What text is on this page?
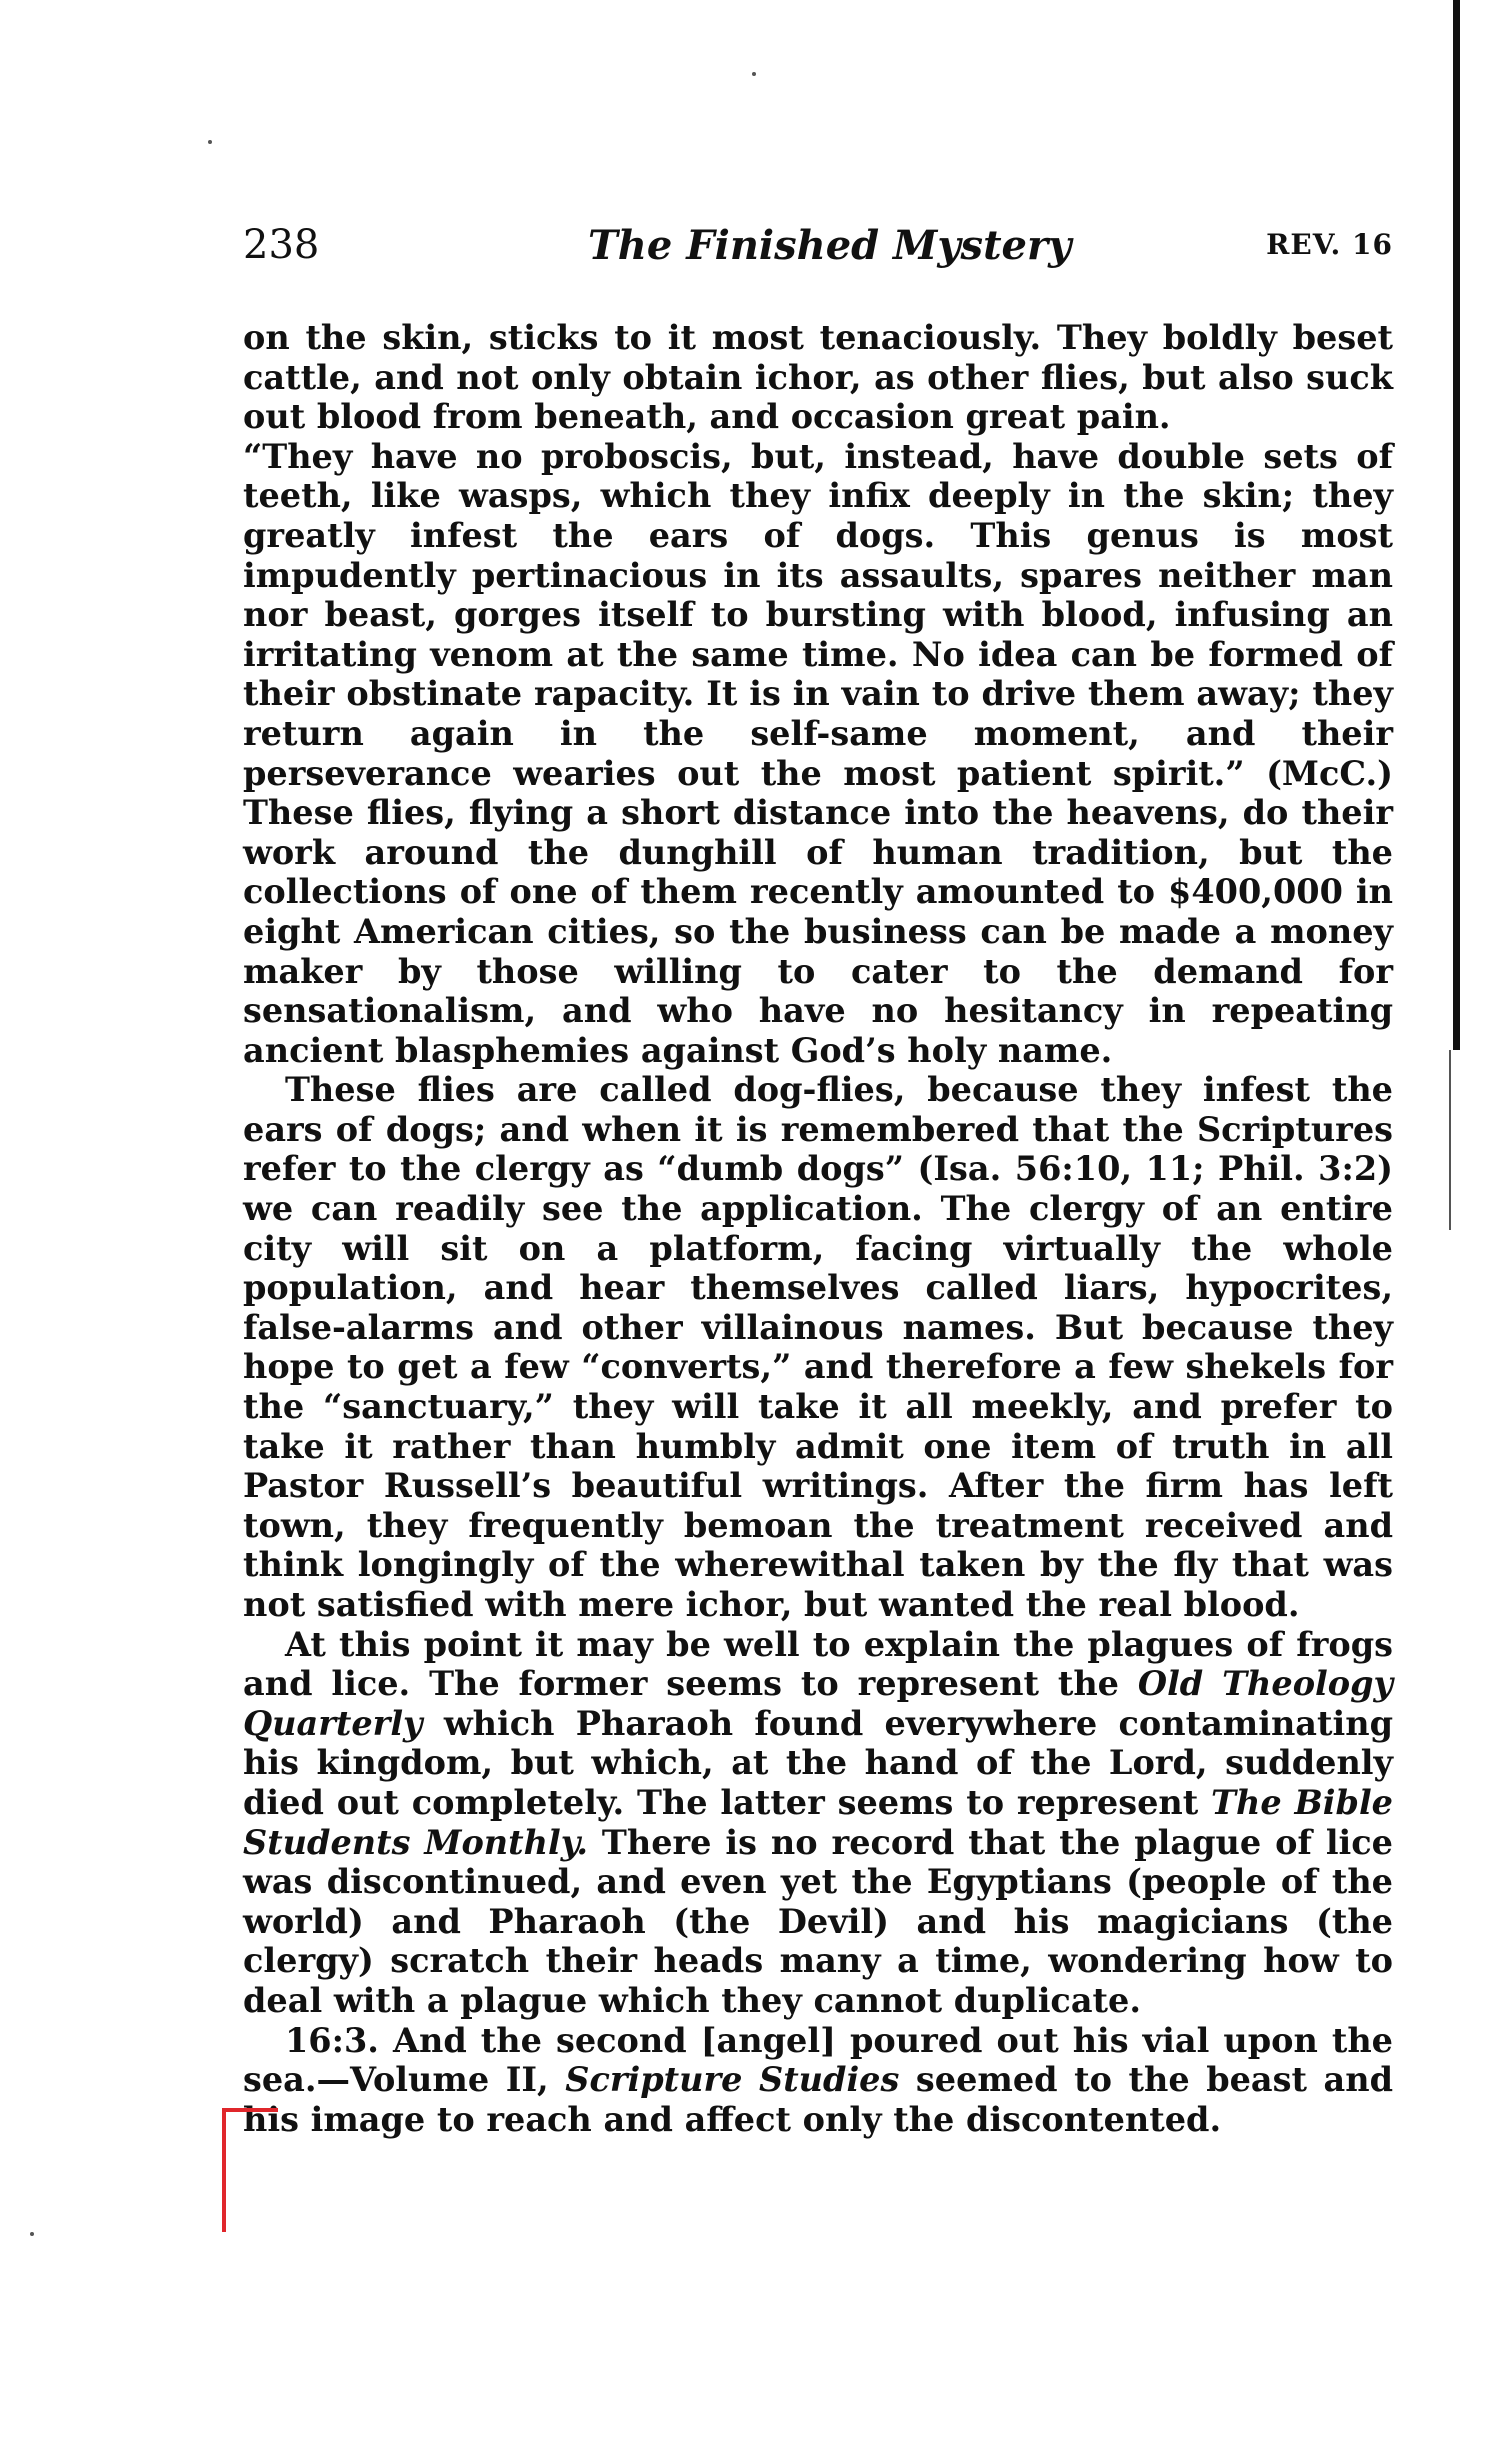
238	The Finished Mystery	REV. 16

on the skin, sticks to it most tenaciously. They boldly beset cattle, and not only obtain ichor, as other flies, but also suck out blood from beneath, and occasion great pain.

“They have no proboscis, but, instead, have double sets of teeth, like wasps, which they infix deeply in the skin; they greatly infest the ears of dogs. This genus is most impudently pertinacious in its assaults, spares neither man nor beast, gorges itself to bursting with blood, infusing an irritating venom at the same time. No idea can be formed of their obstinate rapacity. It is in vain to drive them away; they return again in the self-same moment, and their perseverance wearies out the most patient spirit.” (McC.) These flies, flying a short distance into the heavens, do their work around the dunghill of human tradition, but the collections of one of them recently amounted to $400,000 in eight American cities, so the business can be made a money maker by those willing to cater to the demand for sensationalism, and who have no hesitancy in repeating ancient blasphemies against God’s holy name.

These flies are called dog-flies, because they infest the ears of dogs; and when it is remembered that the Scriptures refer to the clergy as “dumb dogs” (Isa. 56:10, 11; Phil. 3:2) we can readily see the application. The clergy of an entire city will sit on a platform, facing virtually the whole population, and hear themselves called liars, hypocrites, false-alarms and other villainous names. But because they hope to get a few “converts,” and therefore a few shekels for the “sanctuary,” they will take it all meekly, and prefer to take it rather than humbly admit one item of truth in all Pastor Russell’s beautiful writings. After the firm has left town, they frequently bemoan the treatment received and think longingly of the wherewithal taken by the fly that was not satisfied with mere ichor, but wanted the real blood.

At this point it may be well to explain the plagues of frogs and lice. The former seems to represent the Old Theology Quarterly which Pharaoh found everywhere contaminating his kingdom, but which, at the hand of the Lord, suddenly died out completely. The latter seems to represent The Bible Students Monthly. There is no record that the plague of lice was discontinued, and even yet the Egyptians (people of the world) and Pharaoh (the Devil) and his magicians (the clergy) scratch their heads many a time, wondering how to deal with a plague which they cannot duplicate.

16:3. And the second [angel] poured out his vial upon the sea.—Volume II, Scripture Studies seemed to the beast and his image to reach and affect only the discontented.
